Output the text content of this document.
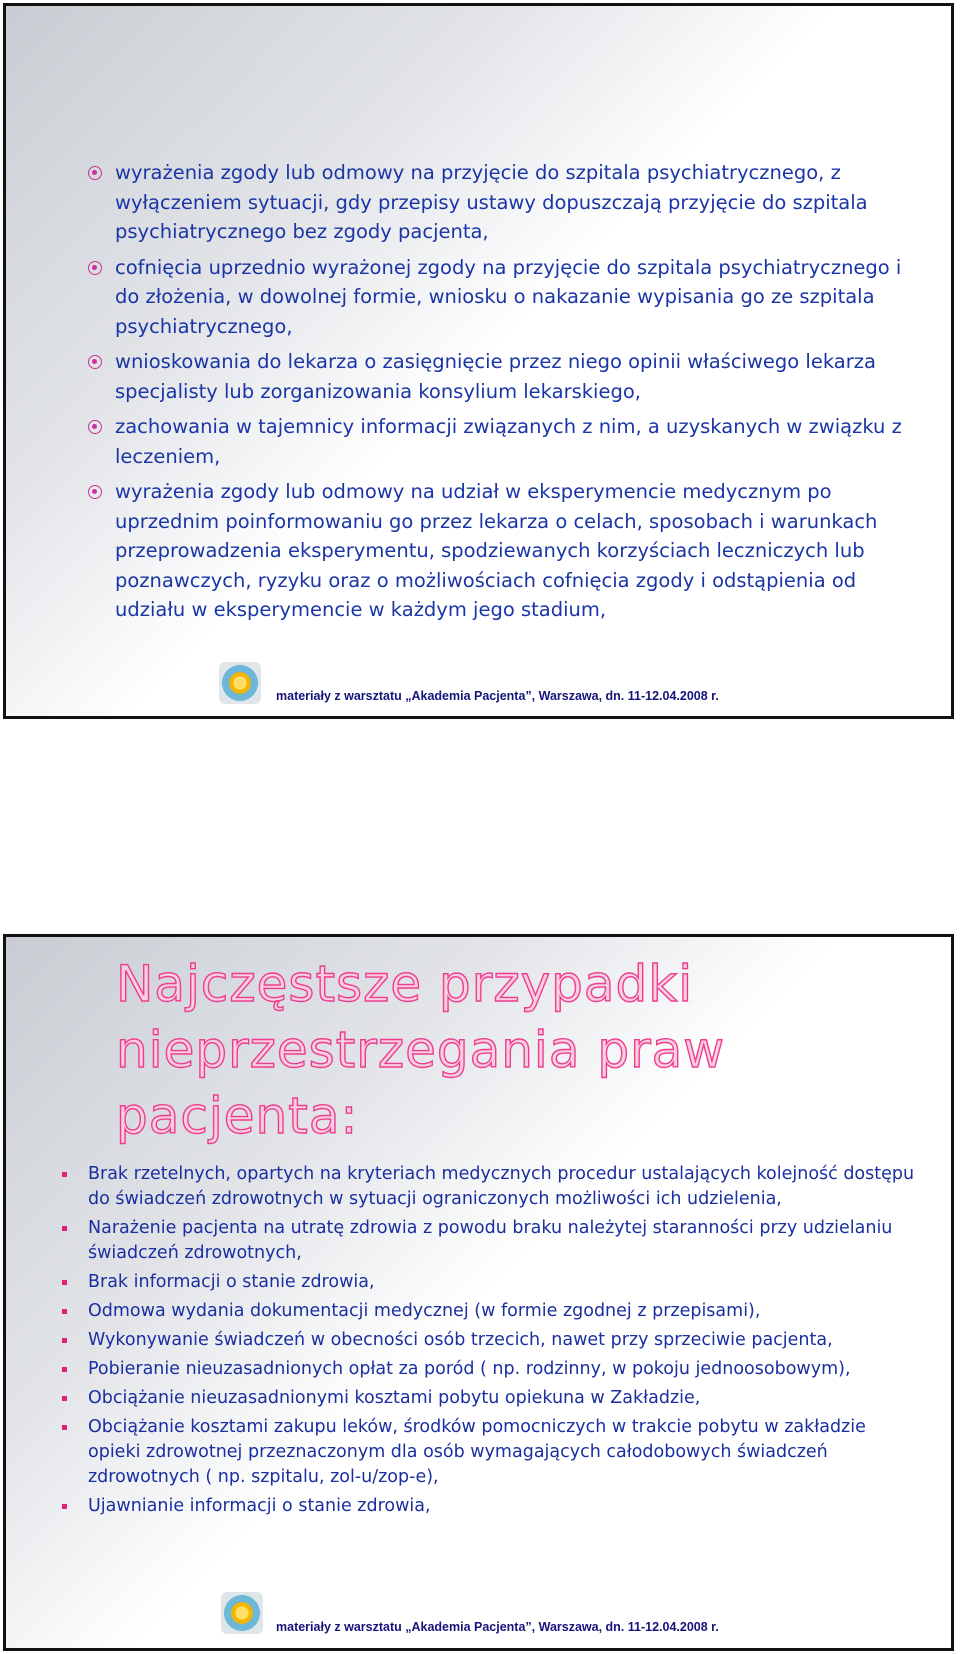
wyrażenia zgody lub odmowy na przyjęcie do szpitala psychiatrycznego, z wyłączeniem sytuacji, gdy przepisy ustawy dopuszczają przyjęcie do szpitala psychiatrycznego bez zgody pacjenta,
cofnięcia uprzednio wyrażonej zgody na przyjęcie do szpitala psychiatrycznego i do złożenia, w dowolnej formie, wniosku o nakazanie wypisania go ze szpitala psychiatrycznego,
wnioskowania do lekarza o zasięgnięcie przez niego opinii właściwego lekarza specjalisty lub zorganizowania konsylium lekarskiego,
zachowania w tajemnicy informacji związanych z nim, a uzyskanych w związku z leczeniem,
wyrażenia zgody lub odmowy na udział w eksperymencie medycznym po uprzednim poinformowaniu go przez lekarza o celach, sposobach i warunkach przeprowadzenia eksperymentu, spodziewanych korzyściach leczniczych lub poznawczych, ryzyku oraz o możliwościach cofnięcia zgody i odstąpienia od udziału w eksperymencie w każdym jego stadium,
materiały z warsztatu „Akademia Pacjenta”, Warszawa, dn. 11-12.04.2008 r.
Najczęstsze przypadki
nieprzestrzegania praw
pacjenta:
Brak rzetelnych, opartych na kryteriach medycznych procedur ustalających kolejność dostępu do świadczeń zdrowotnych w sytuacji ograniczonych możliwości ich udzielenia,
Narażenie pacjenta na utratę zdrowia z powodu braku należytej staranności przy udzielaniu świadczeń zdrowotnych,
Brak informacji o stanie zdrowia,
Odmowa wydania dokumentacji medycznej (w formie zgodnej z przepisami),
Wykonywanie świadczeń w obecności osób trzecich, nawet przy sprzeciwie pacjenta,
Pobieranie nieuzasadnionych opłat za poród ( np. rodzinny, w pokoju jednoosobowym),
Obciążanie nieuzasadnionymi kosztami pobytu opiekuna w Zakładzie,
Obciążanie kosztami zakupu leków, środków pomocniczych w trakcie pobytu w zakładzie opieki zdrowotnej przeznaczonym dla osób wymagających całodobowych świadczeń zdrowotnych ( np. szpitalu, zol-u/zop-e),
Ujawnianie informacji o stanie zdrowia,
materiały z warsztatu „Akademia Pacjenta”, Warszawa, dn. 11-12.04.2008 r.
